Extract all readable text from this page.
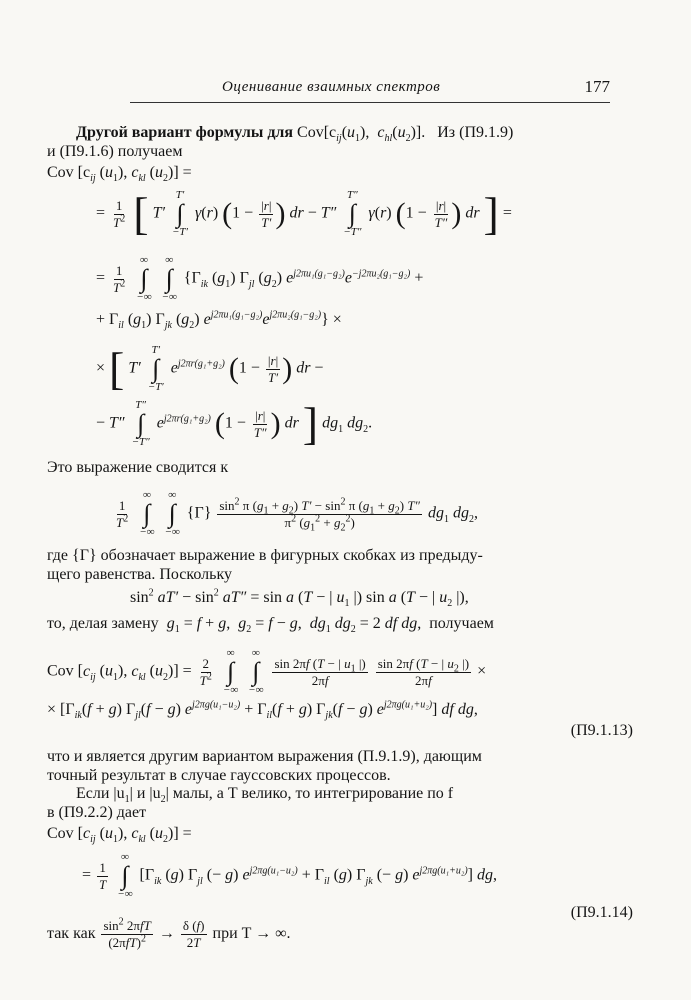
Оценивание взаимных спектров	177
Другой вариант формулы для $Cov[c_{ij}(u_1)$,  $c_{hl}(u_2)$]. Из (П9.1.9)
и (П9.1.6) получаем
Cov [$c_{ij}$ $(u_1)$, $c_{kl}$ $(u_2)$] =
= $\frac{1}{T^2}$ [ T′
T′
∫
−T′
γ(r) ($1 - \frac{|r|}{T'}$ ) dr − T″
T″
∫
−T″
γ(r) ($1 - \frac{|r|}{T''}$ ) dr ] =
= $\frac{1}{T^2}$

∞
∫
−∞

∞
∫
−∞
{$\Gamma_{ik}$ $(g_1)$ $\Gamma_{jl}$ $(g_2) e^{j2\pi u_1(g_1-g_2)}e^{-j2\pi u_2(g_1-g_2)}$ +
+ $\Gamma_{il}$ $(g_1)$ $\Gamma_{jk}$ $(g_2) e^{j2\pi u_1(g_1-g_2)}e^{j2\pi u_2(g_1-g_2)}$} ×
× [ T′
T′
∫
−T′
$e^{j2\pi r(g_1+g_2)}$ ($1 - \frac{|r|}{T'}$ ) dr −
− T″
T″
∫
−T″
$e^{j2\pi r(g_1+g_2)}$ ($1 - \frac{|r|}{T''}$ ) dr ] $dg_1$ $dg_2$.
Это выражение сводится к
$\frac{1}{T^2}$

∞
∫
−∞

∞
∫
−∞
$\{\Gamma\} \frac{\sin^2 \pi (g_1 + g_2) T' - \sin^2 \pi (g_1 + g_2) T''}{\pi^2 (g_1^2 + g_2^2)} dg_1$ $dg_2$,
где {Γ} обозначает выражение в фигурных скобках из предыду-
щего равенства. Поскольку
$\sin^2 aT' - \sin^2 aT'' = \sin a$ (T − | $u_1$ |) sin a (T − | $u_2$ |),
то, делая замену $g_1 = f + g$,  $g_2 = f - g$,  $dg_1$ $dg_2 = 2$ df dg,  получаем
Cov [$c_{ij}$ $(u_1)$, $c_{kl}$ $(u_2)] = \frac{2}{T^2}$

∞
∫
−∞

∞
∫
−∞

$\frac{\sin 2\pi f (T - | u_1 |)}{2\pi f}$
$\frac{\sin 2\pi f (T - | u_2 |)}{2\pi f}$ ×
× [$\Gamma_{ik}(f + g) \Gamma_{jl}(f - g) e^{j2\pi g(u_1-u_2)} + \Gamma_{il}(f + g) \Gamma_{jk}(f - g)$ $e^{j2\pi g(u_1+u_2)}$] df dg,
(П9.1.13)
что и является другим вариантом выражения (П.9.1.9), дающим
точный результат в случае гауссовских процессов.
Если $|u_1|$ и $|u_2|$ малы, а T велико, то интегрирование по f
в (П9.2.2) дает
Cov [$c_{ij}$ $(u_1)$, $c_{kl}$ $(u_2)$] =
= $\frac{1}{T}$

∞
∫
−∞
[$\Gamma_{ik}$ (g) $\Gamma_{jl}$ (− g) $e^{j2\pi g(u_1-u_2)} + \Gamma_{il}$ (g) $\Gamma_{jk}$ (− g) $e^{j2\pi g(u_1+u_2)}$] dg,
(П9.1.14)
так как $\frac{\sin^2 2\pi fT}{(2\pi fT)^2} \to \frac{\delta (f)}{2T}$ при T → ∞.
